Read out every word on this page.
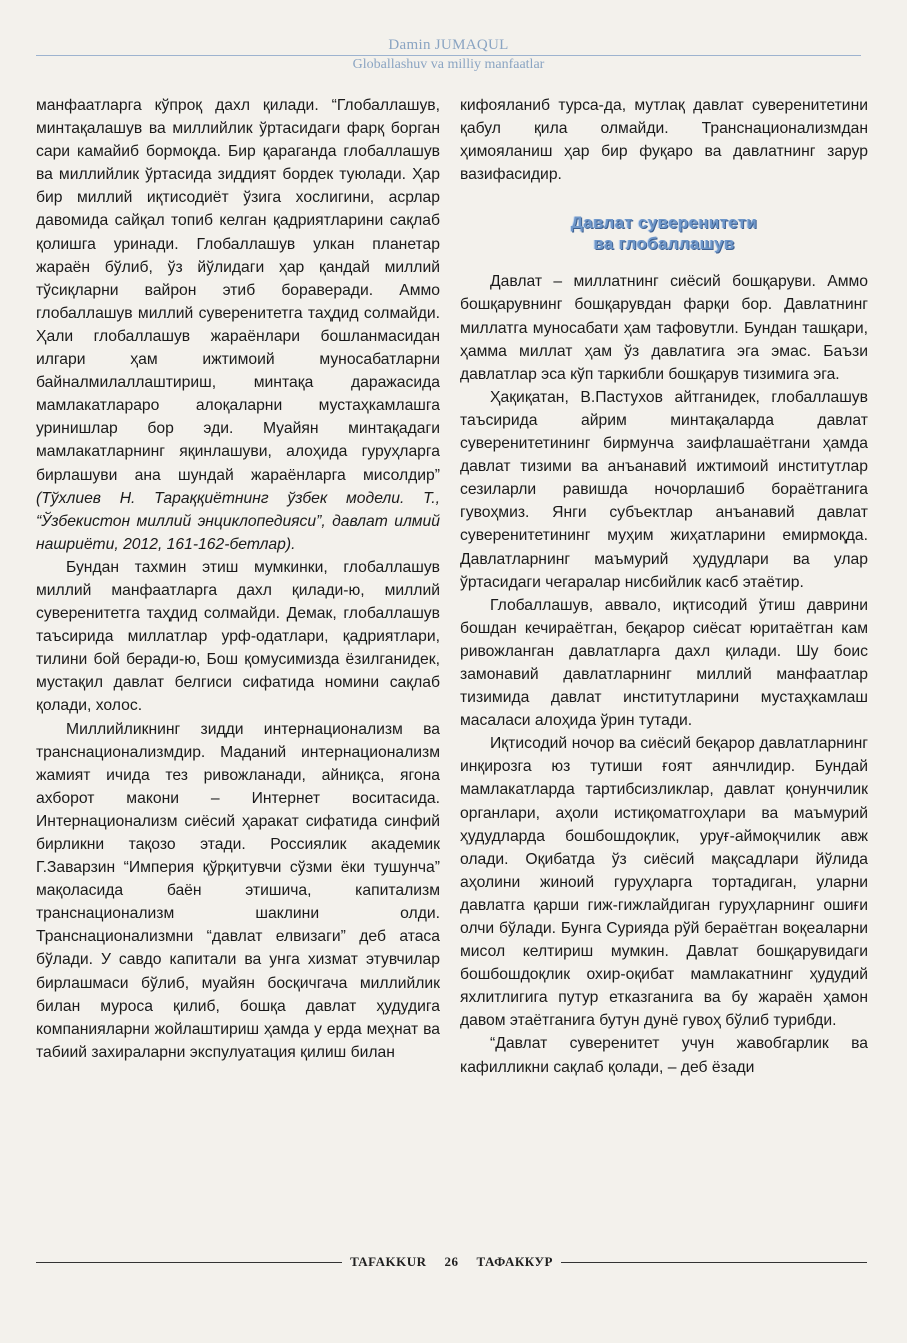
Damin JUMAQUL
Globallashuv va milliy manfaatlar

манфаатларга кўпроқ дахл қилади. “Глобаллашув, минтақалашув ва миллийлик ўртасидаги фарқ борган сари камайиб бормоқда. Бир қараганда глобаллашув ва миллийлик ўртасида зиддият бордек туюлади. Ҳар бир миллий иқтисодиёт ўзига хослигини, асрлар давомида сайқал топиб келган қадриятларини сақлаб қолишга уринади. Глобаллашув улкан планетар жараён бўлиб, ўз йўлидаги ҳар қандай миллий тўсиқларни вайрон этиб бораверади. Аммо глобаллашув миллий суверенитетга таҳдид солмайди. Ҳали глобаллашув жараёнлари бошланмасидан илгари ҳам ижтимоий муносабатларни байналмилаллаштириш, минтақа даражасида мамлакатлараро алоқаларни мустаҳкамлашга уринишлар бор эди. Муайян минтақадаги мамлакатларнинг яқинлашуви, алоҳида гуруҳларга бирлашуви ана шундай жараёнларга мисолдир” (Тўхлиев Н. Тараққиётнинг ўзбек модели. Т., “Ўзбекистон миллий энциклопедияси”, давлат илмий нашриёти, 2012, 161-162-бетлар).

Бундан тахмин этиш мумкинки, глобаллашув миллий манфаатларга дахл қилади-ю, миллий суверенитетга таҳдид солмайди. Демак, глобаллашув таъсирида миллатлар урф-одатлари, қадриятлари, тилини бой беради-ю, Бош қомусимизда ёзилганидек, мустақил давлат белгиси сифатида номини сақлаб қолади, холос.

Миллийликнинг зидди интернационализм ва транснационализмдир. Маданий интернационализм жамият ичида тез ривожланади, айниқса, ягона ахборот макони – Интернет воситасида. Интернационализм сиёсий ҳаракат сифатида синфий бирликни тақозо этади. Россиялик академик Г.Заварзин “Империя қўрқитувчи сўзми ёки тушунча” мақоласида баён этишича, капитализм транснационализм шаклини олди. Транснационализмни “давлат елвизаги” деб атаса бўлади. У савдо капитали ва унга хизмат этувчилар бирлашмаси бўлиб, муайян босқичгача миллийлик билан муроса қилиб, бошқа давлат ҳудудига компанияларни жойлаштириш ҳамда у ерда меҳнат ва табиий захираларни экспулуатация қилиш билан

кифояланиб турса-да, мутлақ давлат суверенитетини қабул қила олмайди. Транснационализмдан ҳимояланиш ҳар бир фуқаро ва давлатнинг зарур вазифасидир.

Давлат суверенитети
ва глобаллашув

Давлат – миллатнинг сиёсий бошқаруви. Аммо бошқарувнинг бошқарувдан фарқи бор. Давлатнинг миллатга муносабати ҳам тафовутли. Бундан ташқари, ҳамма миллат ҳам ўз давлатига эга эмас. Баъзи давлатлар эса кўп таркибли бошқарув тизимига эга.

Ҳақиқатан, В.Пастухов айтганидек, глобаллашув таъсирида айрим минтақаларда давлат суверенитетининг бирмунча заифлашаётгани ҳамда давлат тизими ва анъанавий ижтимоий институтлар сезиларли равишда ночорлашиб бораётганига гувоҳмиз. Янги субъектлар анъанавий давлат суверенитетининг муҳим жиҳатларини емирмоқда. Давлатларнинг маъмурий ҳудудлари ва улар ўртасидаги чегаралар нисбийлик касб этаётир.

Глобаллашув, аввало, иқтисодий ўтиш даврини бошдан кечираётган, беқарор сиёсат юритаётган кам ривожланган давлатларга дахл қилади. Шу боис замонавий давлатларнинг миллий манфаатлар тизимида давлат институтларини мустаҳкамлаш масаласи алоҳида ўрин тутади.

Иқтисодий ночор ва сиёсий беқарор давлатларнинг инқирозга юз тутиши ғоят аянчлидир. Бундай мамлакатларда тартибсизликлар, давлат қонунчилик органлари, аҳоли истиқоматгоҳлари ва маъмурий ҳудудларда бошбошдоқлик, уруғ-аймоқчилик авж олади. Оқибатда ўз сиёсий мақсадлари йўлида аҳолини жиноий гуруҳларга тортадиган, уларни давлатга қарши гиж-гижлайдиган гуруҳларнинг ошиғи олчи бўлади. Бунга Сурияда рўй бераётган воқеаларни мисол келтириш мумкин. Давлат бошқарувидаги бошбошдоқлик охир-оқибат мамлакатнинг ҳудудий яхлитлигига путур етказганига ва бу жараён ҳамон давом этаётганига бутун дунё гувоҳ бўлиб турибди.

“Давлат суверенитет учун жавобгарлик ва кафилликни сақлаб қолади, – деб ёзади

TAFAKKUR 26 ТАФАККУР
